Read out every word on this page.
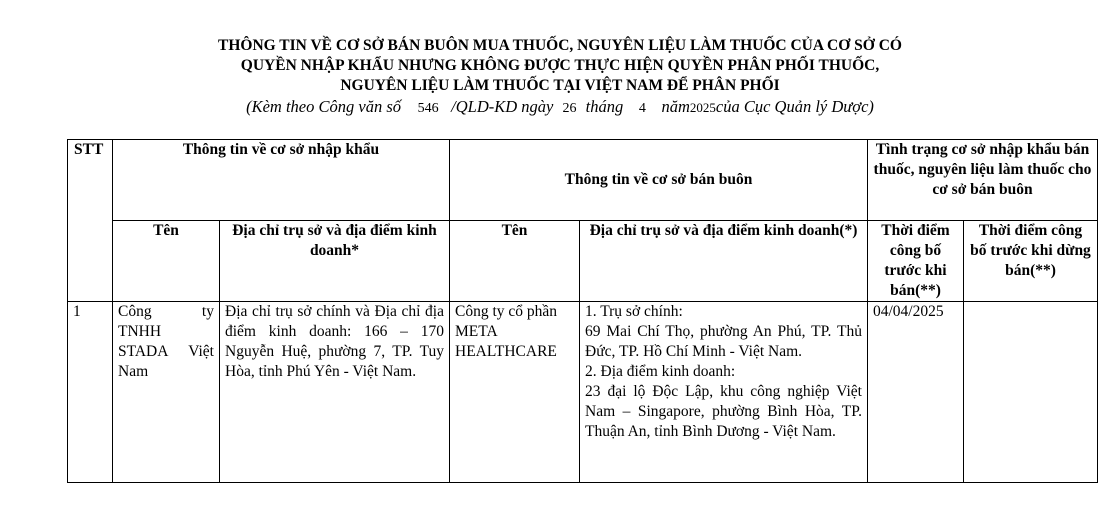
THÔNG TIN VỀ CƠ SỞ BÁN BUÔN MUA THUỐC, NGUYÊN LIỆU LÀM THUỐC CỦA CƠ SỞ CÓ
QUYỀN NHẬP KHẨU NHƯNG KHÔNG ĐƯỢC THỰC HIỆN QUYỀN PHÂN PHỐI THUỐC,
NGUYÊN LIỆU LÀM THUỐC TẠI VIỆT NAM ĐỂ PHÂN PHỐI
(Kèm theo Công văn số 546 /QLD-KD ngày 26 tháng 4 năm2025của Cục Quản lý Dược)
STT	Thông tin về cơ sở nhập khẩu		Thông tin về cơ sở bán buôn		Tình trạng cơ sở nhập khẩu bán thuốc, nguyên liệu làm thuốc cho cơ sở bán buôn	
	Tên	Địa chỉ trụ sở và địa điểm kinh doanh*	Tên	Địa chỉ trụ sở và địa điểm kinh doanh(*)	Thời điểm công bố trước khi bán(**)	Thời điểm công bố trước khi dừng bán(**)
1	Công ty TNHH STADA Việt Nam	Địa chỉ trụ sở chính và Địa chỉ địa điểm kinh doanh: 166 – 170 Nguyễn Huệ, phường 7, TP. Tuy Hòa, tỉnh Phú Yên - Việt Nam.	Công ty cổ phần META HEALTHCARE	1. Trụ sở chính:
69 Mai Chí Thọ, phường An Phú, TP. Thủ Đức, TP. Hồ Chí Minh - Việt Nam.
2. Địa điểm kinh doanh:
23 đại lộ Độc Lập, khu công nghiệp Việt Nam – Singapore, phường Bình Hòa, TP. Thuận An, tỉnh Bình Dương - Việt Nam.	04/04/2025	
